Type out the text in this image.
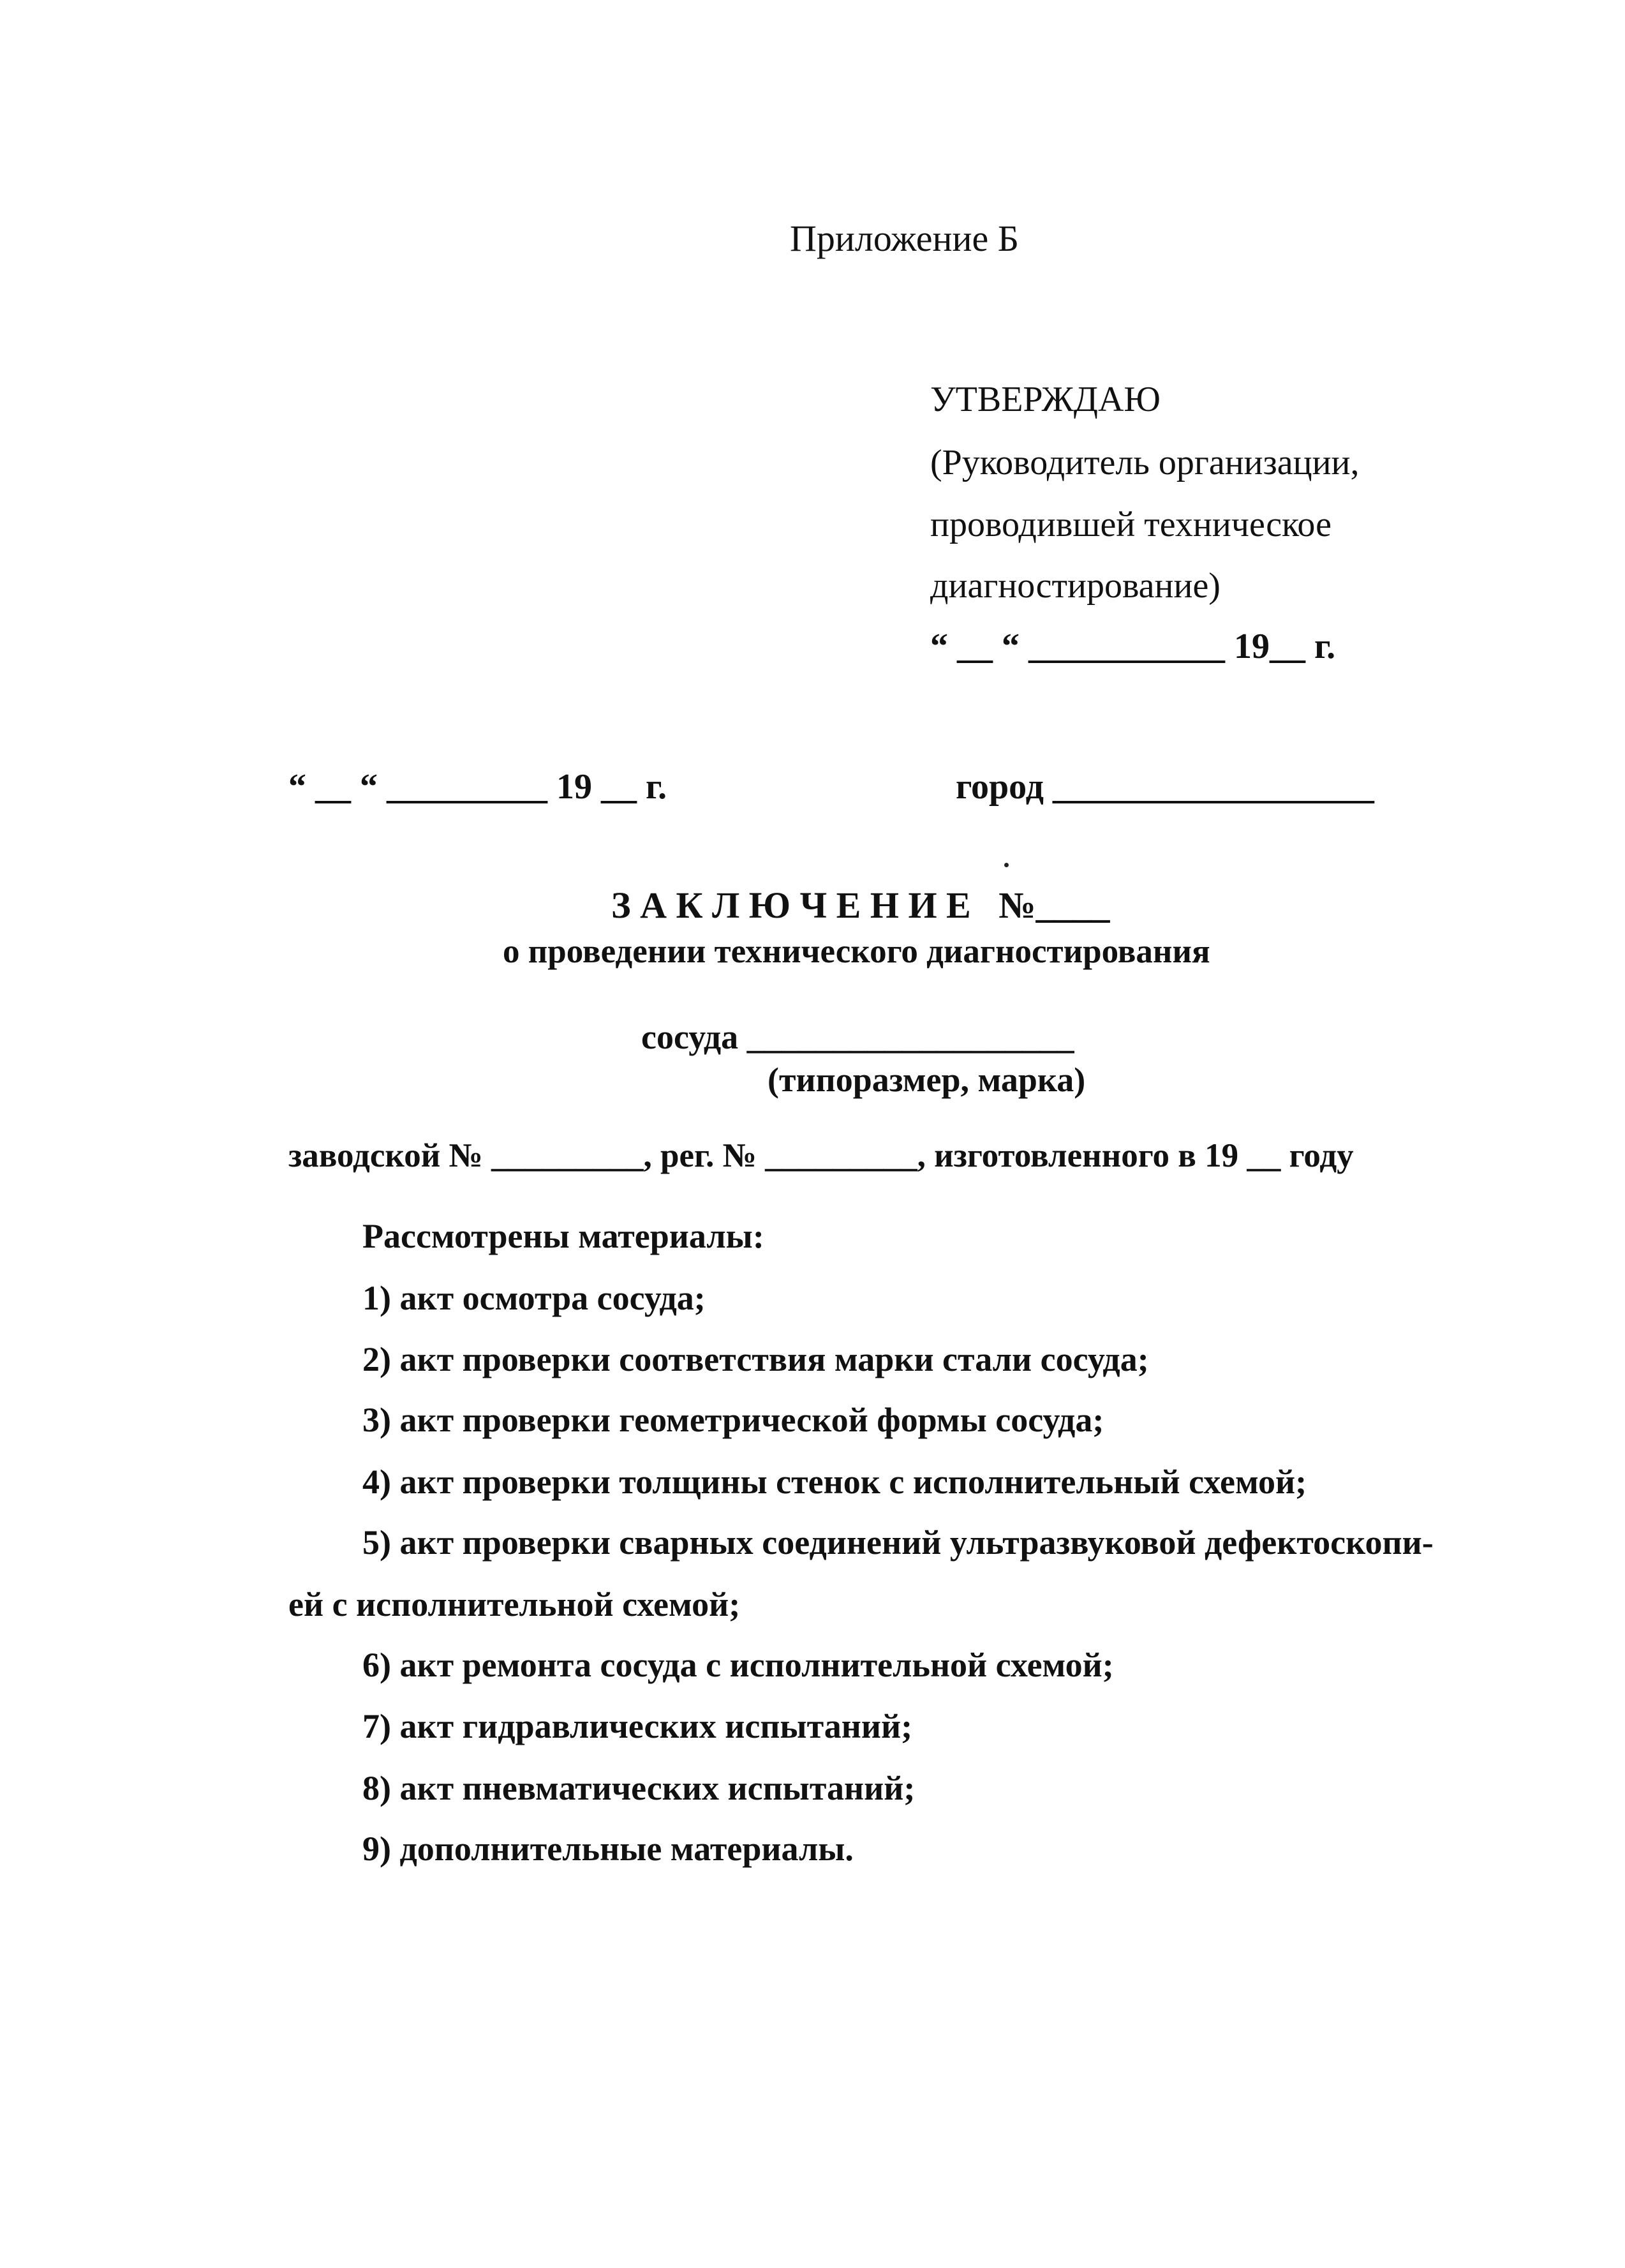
Приложение Б
УТВЕРЖДАЮ
(Руководитель организации,
проводившей техническое
диагностирование)
“ __ “ ___________ 19__ г.
“ __ “ _________ 19 __ г.	город __________________
З А К Л Ю Ч Е Н И Е   №____
о проведении технического диагностирования
сосуда ___________________
(типоразмер, марка)
заводской № _________, рег. № _________, изготовленного в 19 __ году
Рассмотрены материалы:
1) акт осмотра сосуда;
2) акт проверки соответствия марки стали сосуда;
3) акт проверки геометрической формы сосуда;
4) акт проверки толщины стенок с исполнительный схемой;
5) акт проверки сварных соединений ультразвуковой дефектоскопи-
ей с исполнительной схемой;
6) акт ремонта сосуда с исполнительной схемой;
7) акт гидравлических испытаний;
8) акт пневматических испытаний;
9) дополнительные материалы.
